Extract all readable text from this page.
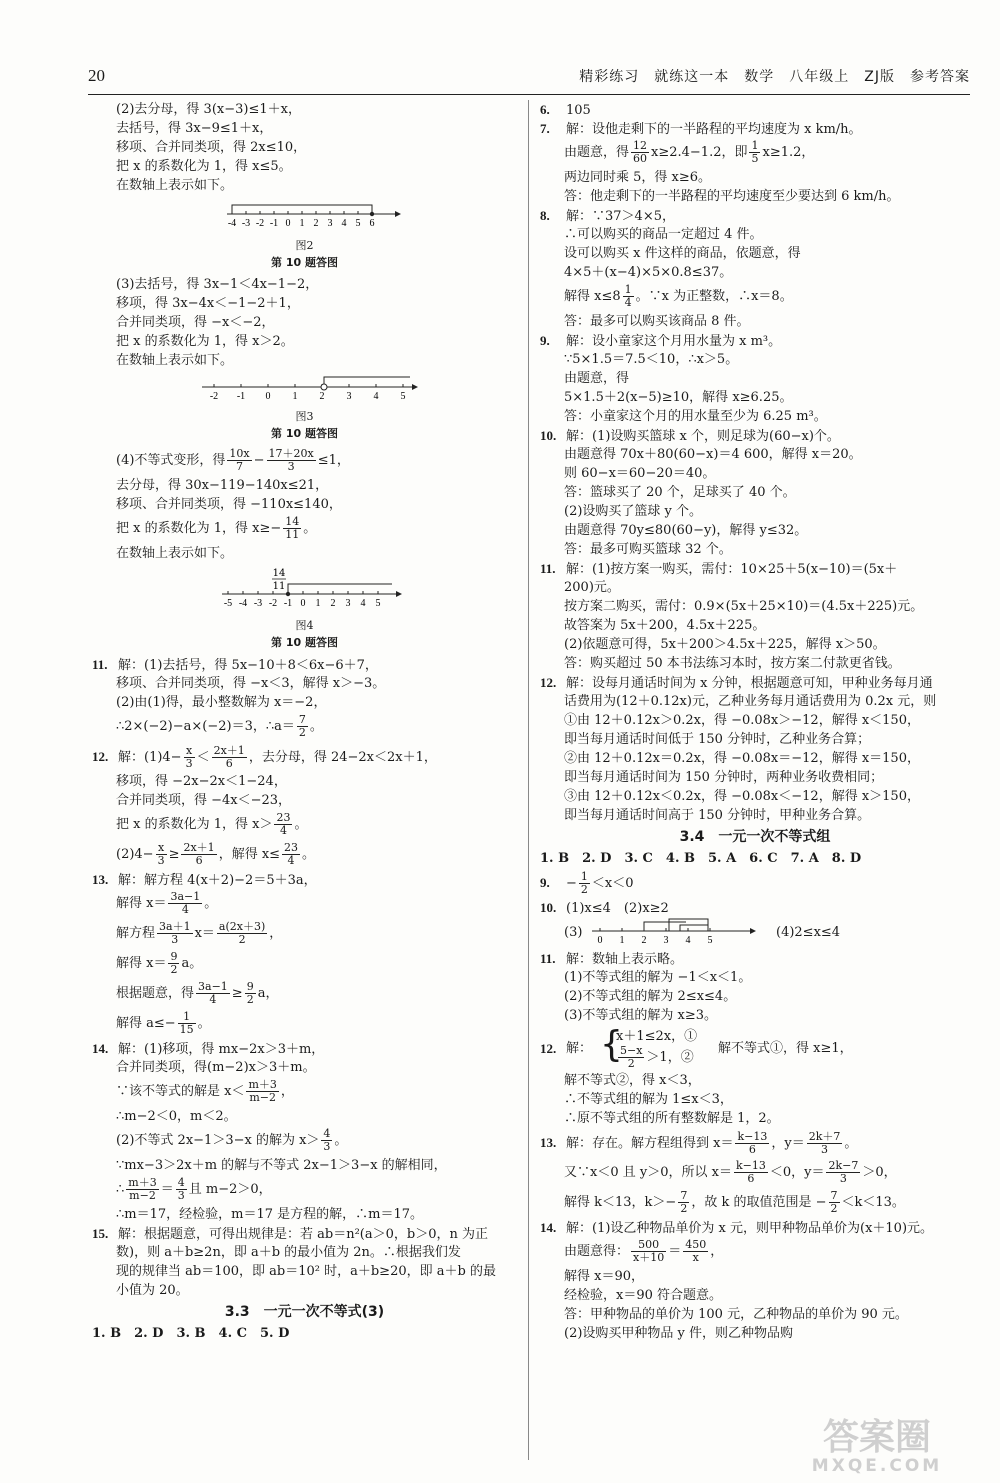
20	精彩练习　就练这一本　数学　八年级上　ZJ版　参考答案
(2)去分母，得 3(x−3)≤1＋x，
去括号，得 3x−9≤1＋x，
移项、合并同类项，得 2x≤10，
把 x 的系数化为 1，得 x≤5。
在数轴上表示如下。
-4 -3 -2 -1 0 1 2 3 4 5 6
图2
第 10 题答图
(3)去括号，得 3x−1＜4x−1−2，
移项，得 3x−4x＜−1−2＋1，
合并同类项，得 −x＜−2，
把 x 的系数化为 1，得 x＞2。
在数轴上表示如下。
-2 -1 0 1 2 3 4 5
图3
第 10 题答图
(4)不等式变形，得 $\frac{10x}{7} - \frac{17+20x}{3} \le 1$，
去分母，得 30x−119−140x≤21，
移项、合并同类项，得 −110x≤140，
把 x 的系数化为 1，得 $x\ge- \frac{14}{11}$ 。
在数轴上表示如下。
14
11
-5 -4 -3 -2 -1 0 1 2 3 4 5
图4
第 10 题答图
11. 解：(1)去括号，得 5x−10＋8＜6x−6＋7，
移项、合并同类项，得 −x＜3，解得 x＞−3。
(2)由(1)得，最小整数解为 x＝−2，
∴2×(−2)−a×(−2)＝3，∴a＝ $\frac{7}{2}$ 。
12. 解：$(1)4- \frac{x}{3} < \frac{2x+1}{6}$ ，去分母，得 24−2x＜2x＋1，
移项，得 −2x−2x＜1−24，
合并同类项，得 −4x＜−23，
把 x 的系数化为 1，得 $x> \frac{23}{4}$ 。
$(2)4- \frac{x}{3} \ge \frac{2x+1}{6}$ ，解得 $x\le \frac{23}{4}$ 。
13. 解：解方程 4(x＋2)−2＝5＋3a，
解得 $x= \frac{3a-1}{4}$ 。
解方程 $\frac{3a+1}{3} x= \frac{a(2x+3)}{2}$ ，
解得 $x= \frac{9}{2}$ a。
根据题意，得 $\frac{3a-1}{4} \ge \frac{9}{2}$ a，
解得 $a\le- \frac{1}{15}$ 。
14. 解：(1)移项，得 mx−2x＞3＋m，
合并同类项，得(m−2)x＞3＋m。
∵该不等式的解是 $x< \frac{m+3}{m-2}$ ，
∴m−2＜0，m＜2。
(2)不等式 2x−1＞3−x 的解为 $x> \frac{4}{3}$ 。
∵mx−3＞2x＋m 的解与不等式 2x−1＞3−x 的解相同，
∴ $\frac{m+3}{m-2} = \frac{4}{3}$ 且 m−2＞0，
∴m＝17，经检验，m＝17 是方程的解，∴m＝17。
15. 解：根据题意，可得出规律是：若 ab＝n²(a＞0，b＞0，n 为正
数)，则 a＋b≥2n，即 a＋b 的最小值为 2n。∴根据我们发
现的规律当 ab＝100，即 ab＝10² 时，a＋b≥20，即 a＋b 的最
小值为 20。
3.3　一元一次不等式(3)
1. B　2. D　3. B　4. C　5. D
6. 105
7. 解：设他走剩下的一半路程的平均速度为 x km/h。
由题意，得 $\frac{12}{60} x\ge 2.4-1.2$，即 $\frac{1}{5} x\ge 1.2$，
两边同时乘 5，得 x≥6。
答：他走剩下的一半路程的平均速度至少要达到 6 km/h。
8. 解：∵37＞4×5，
∴可以购买的商品一定超过 4 件。
设可以购买 x 件这样的商品，依题意，得
4×5＋(x−4)×5×0.8≤37。
解得 $x\le 8 \frac{1}{4}$ 。∵x 为正整数，∴x＝8。
答：最多可以购买该商品 8 件。
9. 解：设小童家这个月用水量为 x m³。
∵5×1.5＝7.5＜10，∴x＞5。
由题意，得
5×1.5＋2(x−5)≥10，解得 x≥6.25。
答：小童家这个月的用水量至少为 6.25 m³。
10. 解：(1)设购买篮球 x 个，则足球为(60−x)个。
由题意得 70x＋80(60−x)＝4 600，解得 x＝20。
则 60−x＝60−20＝40。
答：篮球买了 20 个，足球买了 40 个。
(2)设购买了篮球 y 个。
由题意得 70y≤80(60−y)，解得 y≤32。
答：最多可购买篮球 32 个。
11. 解：(1)按方案一购买，需付：10×25＋5(x−10)＝(5x＋
200)元。
按方案二购买，需付：0.9×(5x＋25×10)＝(4.5x＋225)元。
故答案为 5x＋200，4.5x＋225。
(2)依题意可得，5x＋200＞4.5x＋225，解得 x＞50。
答：购买超过 50 本书法练习本时，按方案二付款更省钱。
12. 解：设每月通话时间为 x 分钟，根据题意可知，甲种业务每月通
话费用为(12＋0.12x)元，乙种业务每月通话费用为 0.2x 元，则
①由 12＋0.12x＞0.2x，得 −0.08x＞−12，解得 x＜150，
即当每月通话时间低于 150 分钟时，乙种业务合算；
②由 12＋0.12x＝0.2x，得 −0.08x＝−12，解得 x＝150，
即当每月通话时间为 150 分钟时，两种业务收费相同；
③由 12＋0.12x＜0.2x，得 −0.08x＜−12，解得 x＞150，
即当每月通话时间高于 150 分钟时，甲种业务合算。
3.4　一元一次不等式组
1. B　2. D　3. C　4. B　5. A　6. C　7. A　8. D
9. − $\frac{1}{2} <x<0$
10. (1)x≤4　(2)x≥2
(3)
0 1 2 3 4 5
(4)2≤x≤4
11. 解：数轴上表示略。
(1)不等式组的解为 −1＜x＜1。
(2)不等式组的解为 2≤x≤4。
(3)不等式组的解为 x≥3。
12. 解： {
x＋1≤2x，①
$\frac{5-x}{2} >1$，②
解不等式①，得 x≥1，
解不等式②，得 x＜3，
∴不等式组的解为 1≤x＜3，
∴原不等式组的所有整数解是 1，2。
13. 解：存在。解方程组得到 $x= \frac{k-13}{6}$ ，$y= \frac{2k+7}{3}$ 。
又∵x＜0 且 y＞0，所以 $x= \frac{k-13}{6} <0$，$y= \frac{2k-7}{3} >0$，
解得 k＜13，$k>- \frac{7}{2}$ ，故 k 的取值范围是 − $\frac{7}{2} <k<13$。
14. 解：(1)设乙种物品单价为 x 元，则甲种物品单价为(x＋10)元。
由题意得： $\frac{500}{x+10} = \frac{450}{x}$ ，
解得 x＝90，
经检验，x＝90 符合题意。
答：甲种物品的单价为 100 元，乙种物品的单价为 90 元。
(2)设购买甲种物品 y 件，则乙种物品购
答案圈
MXQE.COM
